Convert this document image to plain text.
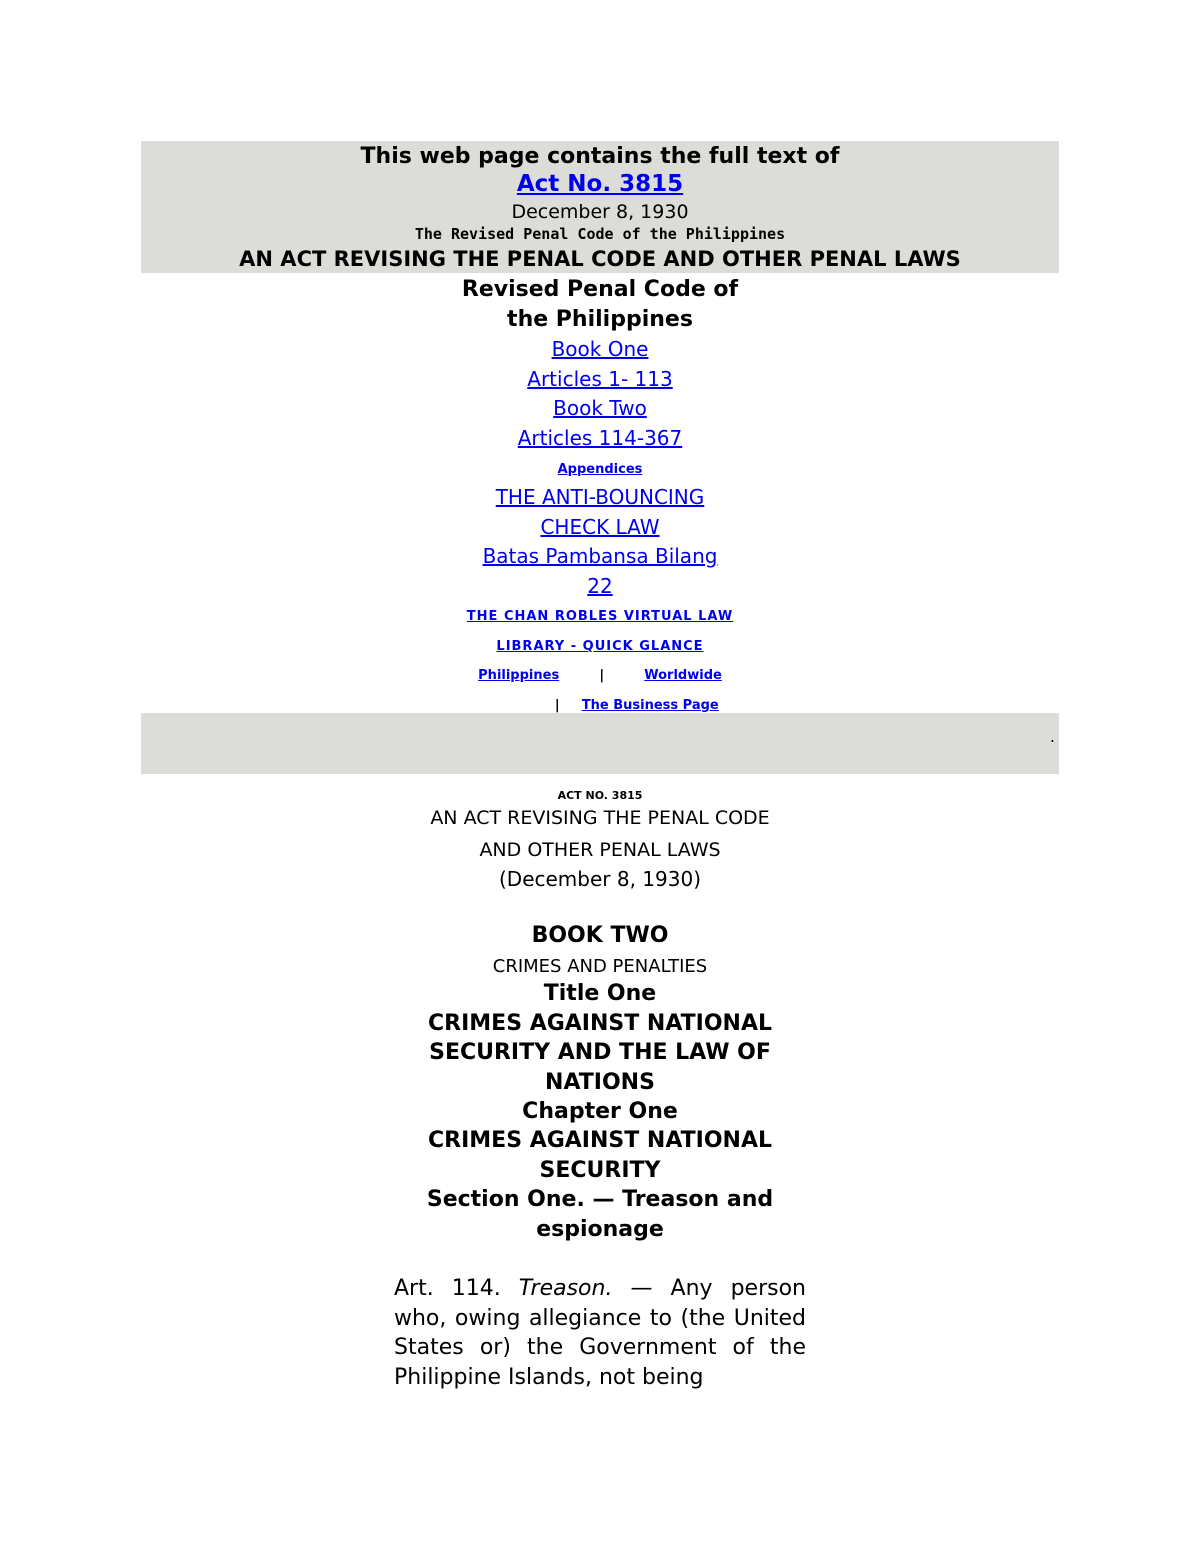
This web page contains the full text of
Act No. 3815
December 8, 1930
The Revised Penal Code of the Philippines
AN ACT REVISING THE PENAL CODE AND OTHER PENAL LAWS
Revised Penal Code of
the Philippines
Book One
Articles 1- 113
Book Two
Articles 114-367
Appendices
THE ANTI-BOUNCING
CHECK LAW
Batas Pambansa Bilang
22
THE CHAN ROBLES VIRTUAL LAW
LIBRARY - QUICK GLANCE
Philippines	|	Worldwide
.
| The Business Page
ACT NO. 3815
AN ACT REVISING THE PENAL CODE
AND OTHER PENAL LAWS
(December 8, 1930)
BOOK TWO
CRIMES AND PENALTIES
Title One
CRIMES AGAINST NATIONAL
SECURITY AND THE LAW OF
NATIONS
Chapter One
CRIMES AGAINST NATIONAL
SECURITY
Section One. — Treason and
espionage
Art. 114. Treason. — Any person who, owing allegiance to (the United States or) the Government of the Philippine Islands, not being
